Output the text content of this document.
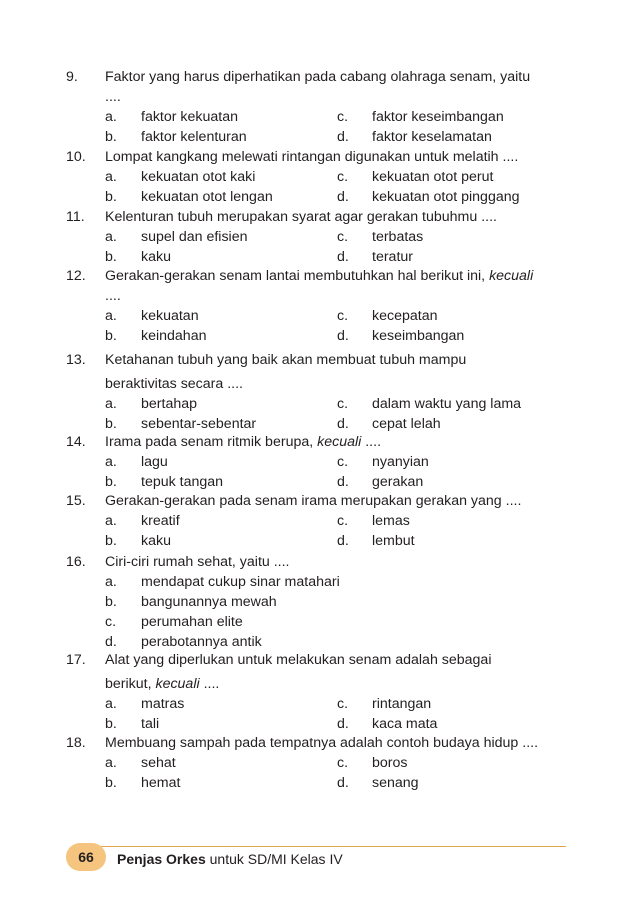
9. Faktor yang harus diperhatikan pada cabang olahraga senam, yaitu
....
a. faktor kekuatan	c. faktor keseimbangan
b. faktor kelenturan	d. faktor keselamatan
10. Lompat kangkang melewati rintangan digunakan untuk melatih ....
a. kekuatan otot kaki	c. kekuatan otot perut
b. kekuatan otot lengan	d. kekuatan otot pinggang
11. Kelenturan tubuh merupakan syarat agar gerakan tubuhmu ....
a. supel dan efisien	c. terbatas
b. kaku	d. teratur
12. Gerakan-gerakan senam lantai membutuhkan hal berikut ini, kecuali
....
a. kekuatan	c. kecepatan
b. keindahan	d. keseimbangan
13. Ketahanan tubuh yang baik akan membuat tubuh mampu
beraktivitas secara ....
a. bertahap	c. dalam waktu yang lama
b. sebentar-sebentar	d. cepat lelah
14. Irama pada senam ritmik berupa, kecuali ....
a. lagu	c. nyanyian
b. tepuk tangan	d. gerakan
15. Gerakan-gerakan pada senam irama merupakan gerakan yang ....
a. kreatif	c. lemas
b. kaku	d. lembut
16. Ciri-ciri rumah sehat, yaitu ....
a. mendapat cukup sinar matahari
b. bangunannya mewah
c. perumahan elite
d. perabotannya antik
17. Alat yang diperlukan untuk melakukan senam adalah sebagai
berikut, kecuali ....
a. matras	c. rintangan
b. tali	d. kaca mata
18. Membuang sampah pada tempatnya adalah contoh budaya hidup ....
a. sehat	c. boros
b. hemat	d. senang
66	Penjas Orkes untuk SD/MI Kelas IV
